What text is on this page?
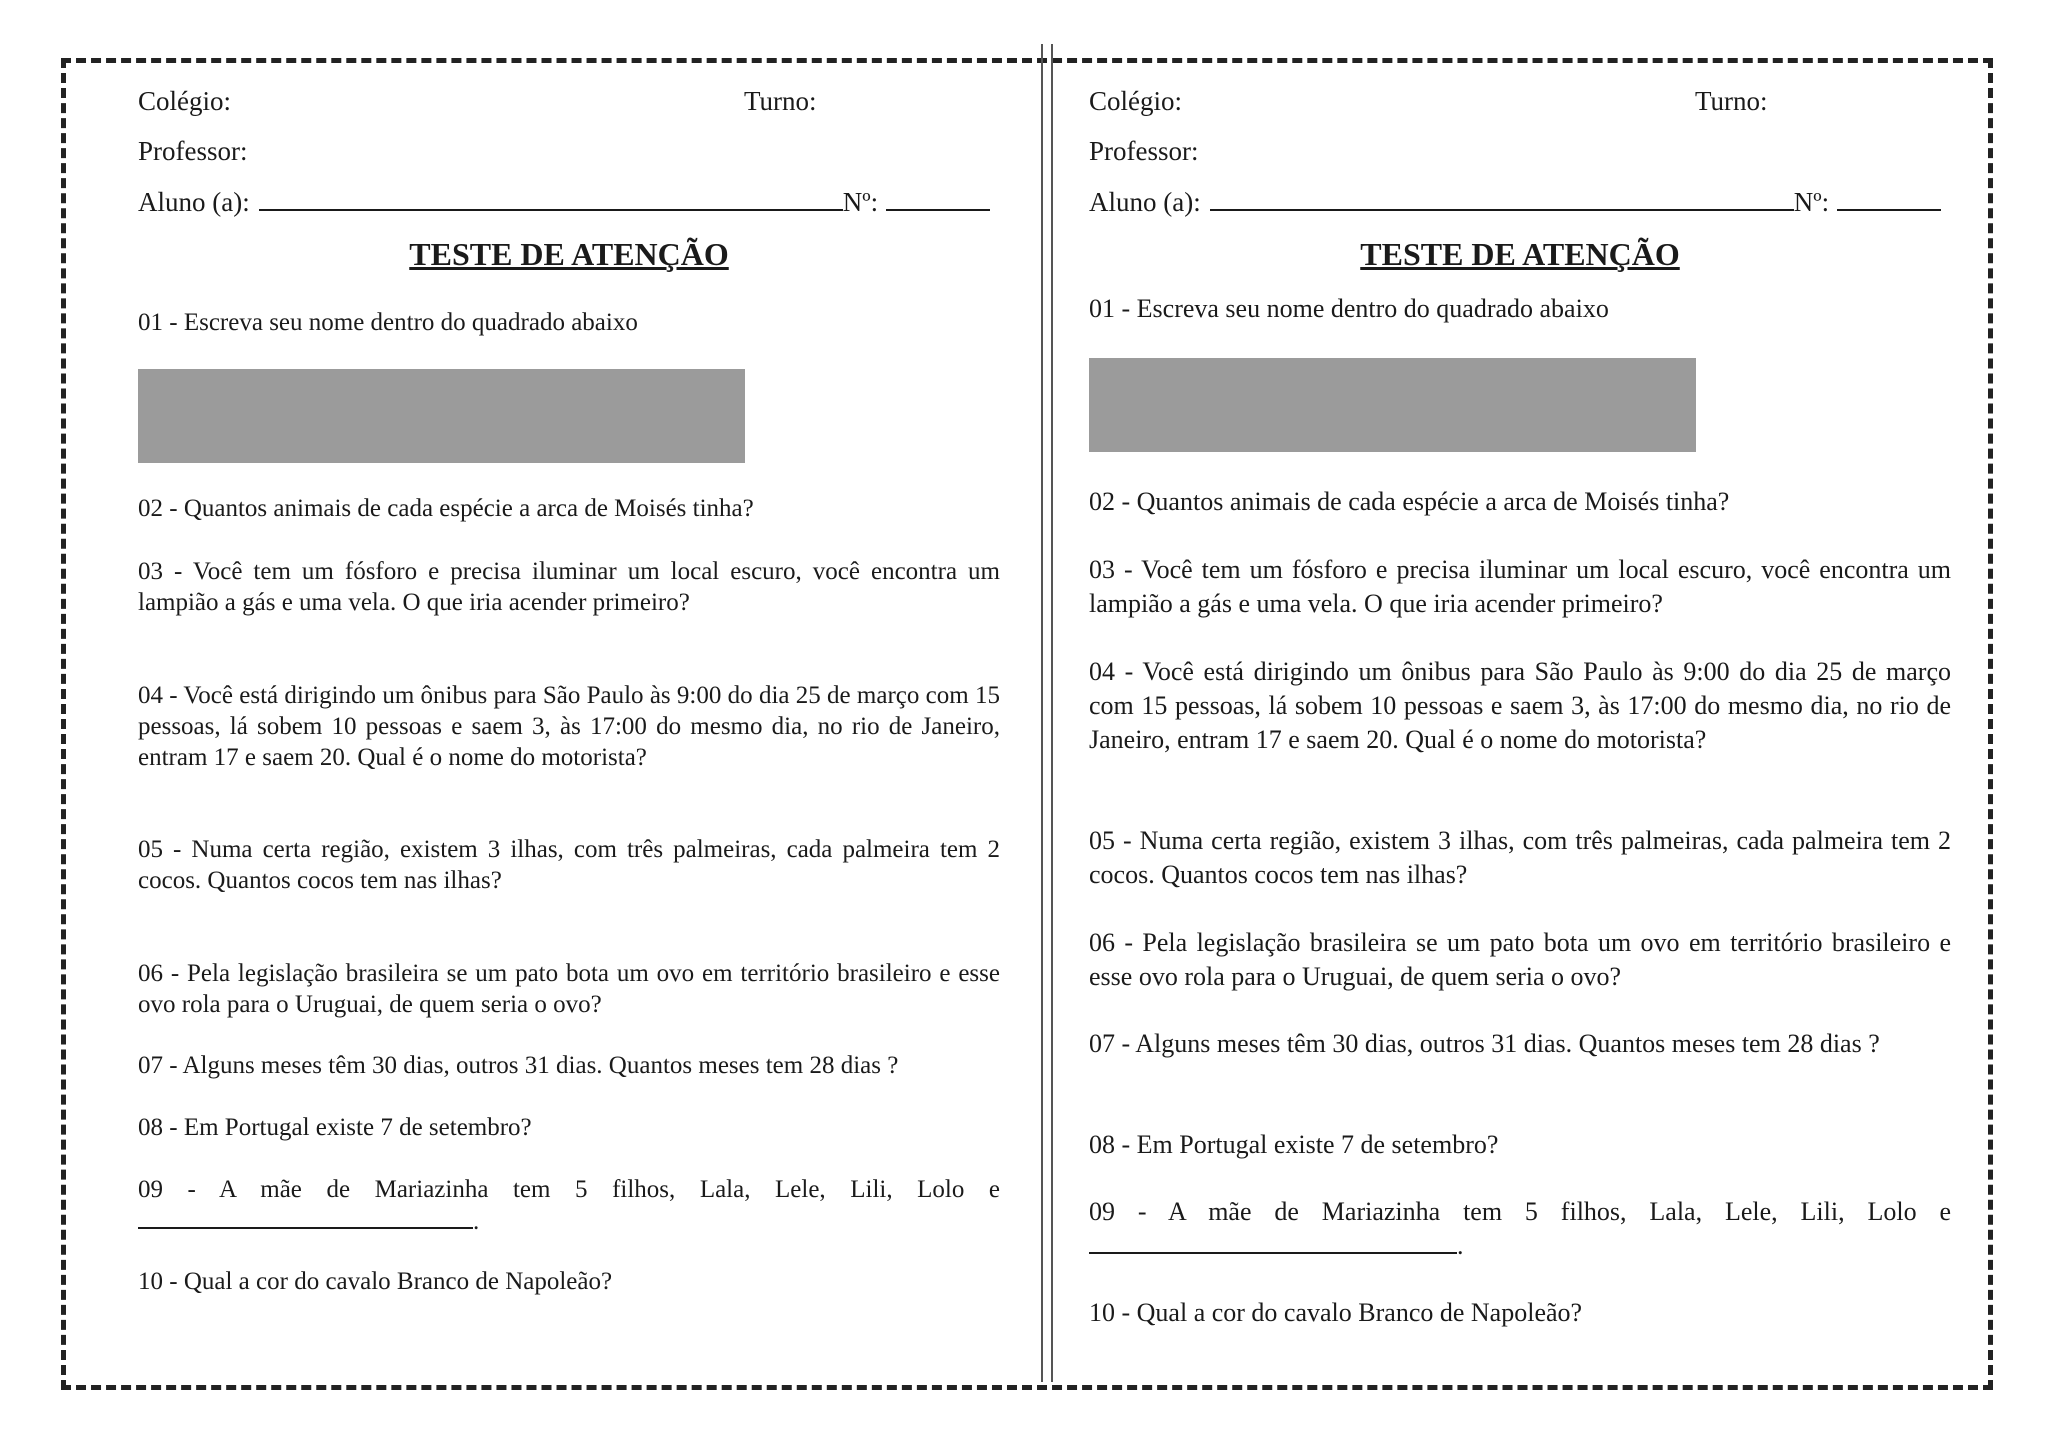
Colégio:	Turno:

Professor:

Aluno (a):	Nº:

TESTE DE ATENÇÃO

01 - Escreva seu nome dentro do quadrado abaixo

02 - Quantos animais de cada espécie a arca de Moisés tinha?

03 - Você tem um fósforo e precisa iluminar um local escuro, você encontra um lampião a gás e uma vela. O que iria acender primeiro?

04 - Você está dirigindo um ônibus para São Paulo às 9:00 do dia 25 de março com 15 pessoas, lá sobem 10 pessoas e saem 3, às 17:00 do mesmo dia, no rio de Janeiro, entram 17 e saem 20. Qual é o nome do motorista?

05 - Numa certa região, existem 3 ilhas, com três palmeiras, cada palmeira tem 2 cocos. Quantos cocos tem nas ilhas?

06 - Pela legislação brasileira se um pato bota um ovo em território brasileiro e esse ovo rola para o Uruguai, de quem seria o ovo?

07 - Alguns meses têm 30 dias, outros 31 dias. Quantos meses tem 28 dias ?

08 - Em Portugal existe 7 de setembro?

09 - A mãe de Mariazinha tem 5 filhos, Lala, Lele, Lili, Lolo e

.

10 - Qual a cor do cavalo Branco de Napoleão?

Colégio:	Turno:

Professor:

Aluno (a):	Nº:

TESTE DE ATENÇÃO

01 - Escreva seu nome dentro do quadrado abaixo

02 - Quantos animais de cada espécie a arca de Moisés tinha?

03 - Você tem um fósforo e precisa iluminar um local escuro, você encontra um lampião a gás e uma vela. O que iria acender primeiro?

04 - Você está dirigindo um ônibus para São Paulo às 9:00 do dia 25 de março com 15 pessoas, lá sobem 10 pessoas e saem 3, às 17:00 do mesmo dia, no rio de Janeiro, entram 17 e saem 20. Qual é o nome do motorista?

05 - Numa certa região, existem 3 ilhas, com três palmeiras, cada palmeira tem 2 cocos. Quantos cocos tem nas ilhas?

06 - Pela legislação brasileira se um pato bota um ovo em território brasileiro e esse ovo rola para o Uruguai, de quem seria o ovo?

07 - Alguns meses têm 30 dias, outros 31 dias. Quantos meses tem 28 dias ?

08 - Em Portugal existe 7 de setembro?

09 - A mãe de Mariazinha tem 5 filhos, Lala, Lele, Lili, Lolo e

.

10 - Qual a cor do cavalo Branco de Napoleão?
